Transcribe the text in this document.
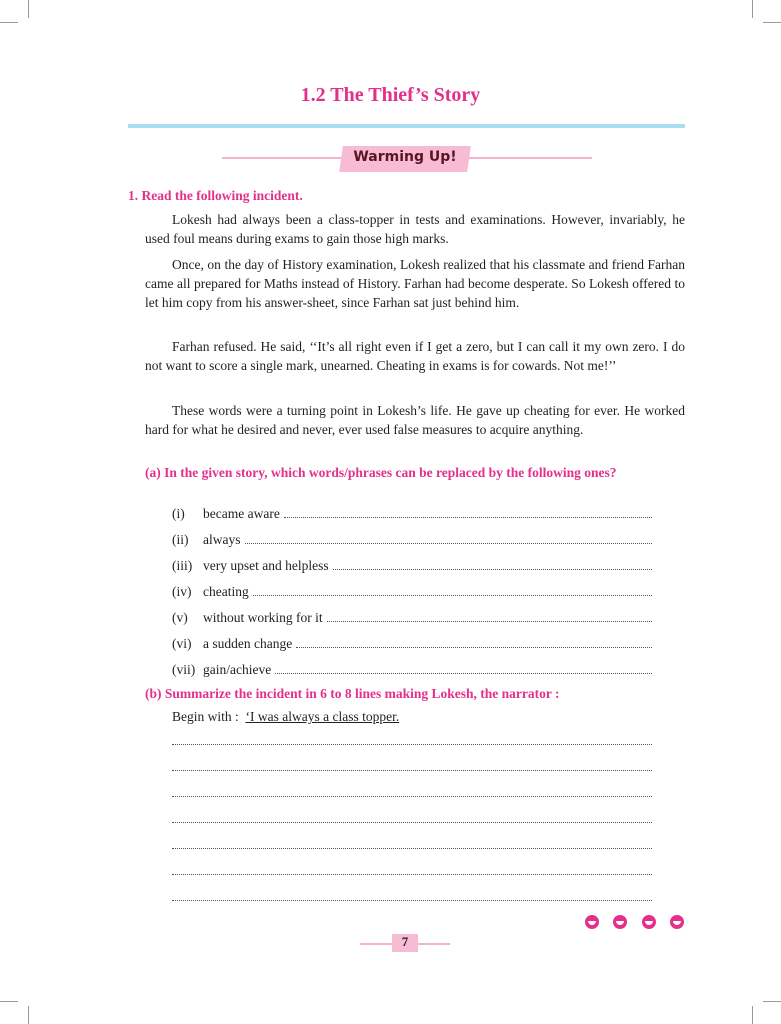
1.2 The Thief’s Story
Warming Up!
1. Read the following incident.

Lokesh had always been a class-topper in tests and examinations. However, invariably, he used foul means during exams to gain those high marks.

Once, on the day of History examination, Lokesh realized that his classmate and friend Farhan came all prepared for Maths instead of History. Farhan had become desperate. So Lokesh offered to let him copy from his answer-sheet, since Farhan sat just behind him.

Farhan refused. He said, ‘‘It’s all right even if I get a zero, but I can call it my own zero. I do not want to score a single mark, unearned. Cheating in exams is for cowards. Not me!’’

These words were a turning point in Lokesh’s life. He gave up cheating for ever. He worked hard for what he desired and never, ever used false measures to acquire anything.

(a) In the given story, which words/phrases can be replaced by the following ones?
(i)	became aware
(ii)	always
(iii) very upset and helpless
(iv) cheating
(v)	without working for it
(vi) a sudden change
(vii) gain/achieve
(b) Summarize the incident in 6 to 8 lines making Lokesh, the narrator :
Begin with : ‘I was always a class topper.
7
